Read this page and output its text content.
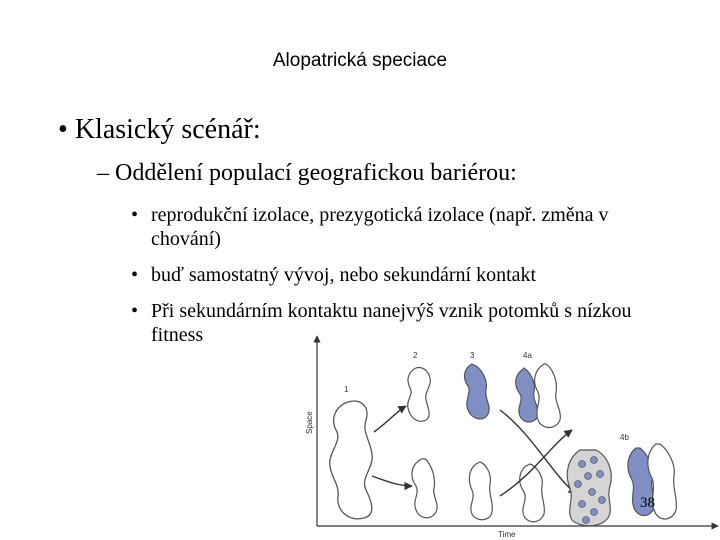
Alopatrická speciace
• Klasický scénář:
– Oddělení populací geografickou bariérou:
• reprodukční izolace, prezygotická izolace (např. změna v chování)
• buď samostatný vývoj, nebo sekundární kontakt
• Při sekundárním kontaktu nanejvýš vznik potomků s nízkou fitness
Space
Time
1
2	3	4a
4b
38
